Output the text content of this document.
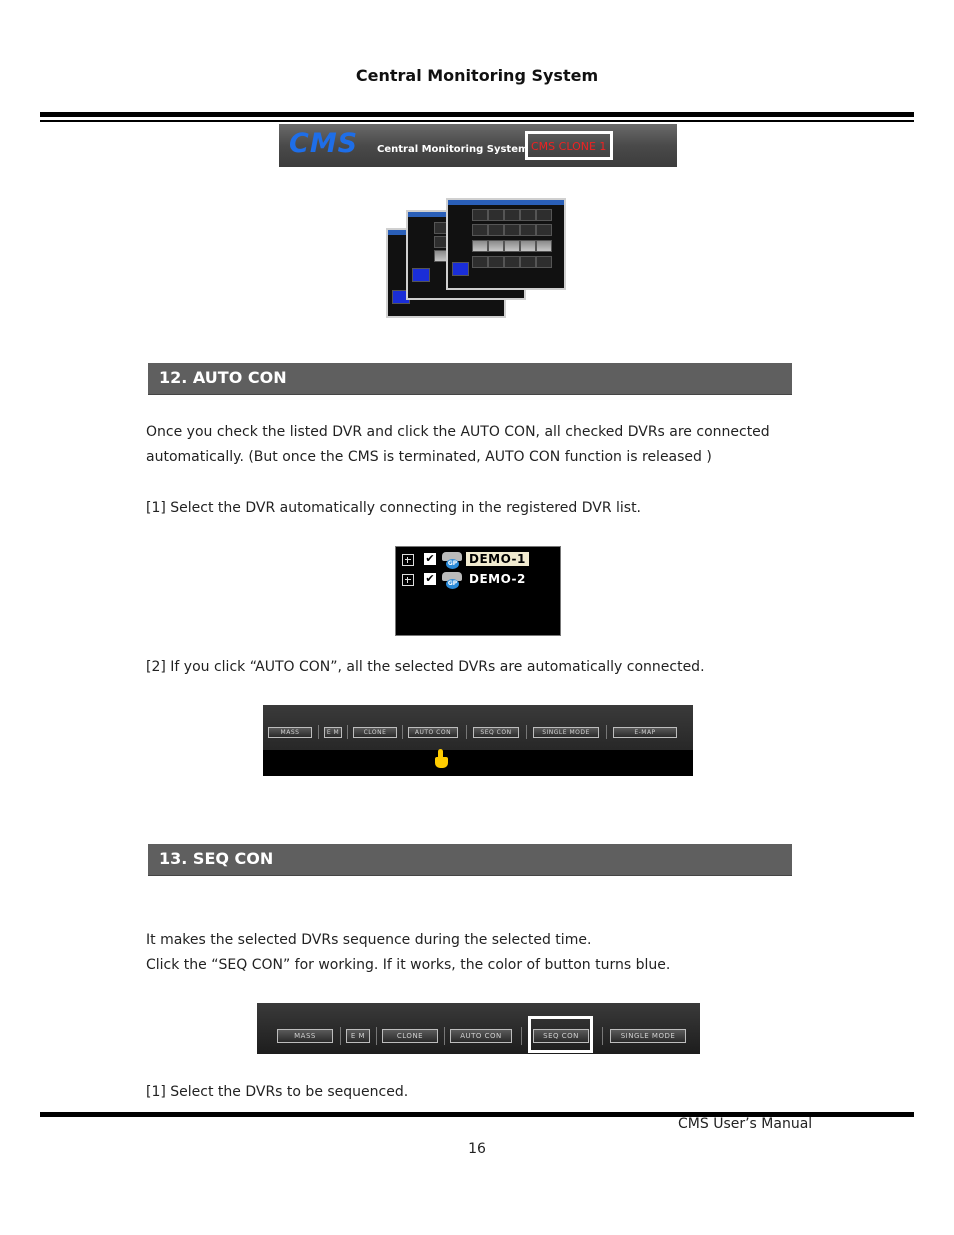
Central Monitoring System
CMS Central Monitoring System CMS CLONE 1
12. AUTO CON
Once you check the listed DVR and click the AUTO CON, all checked DVRs are connected
automatically. (But once the CMS is terminated, AUTO CON function is released )
[1] Select the DVR automatically connecting in the registered DVR list.
✔	GP DEMO-1
✔	GP DEMO-2
[2] If you click “AUTO CON”, all the selected DVRs are automatically connected.
MASS	E M	CLONE	AUTO CON	SEQ CON	SINGLE MODE	E-MAP
13. SEQ CON
It makes the selected DVRs sequence during the selected time.
Click the “SEQ CON” for working. If it works, the color of button turns blue.
MASS	E M	CLONE	AUTO CON	SEQ CON	SINGLE MODE
[1] Select the DVRs to be sequenced.
CMS User’s Manual
16
